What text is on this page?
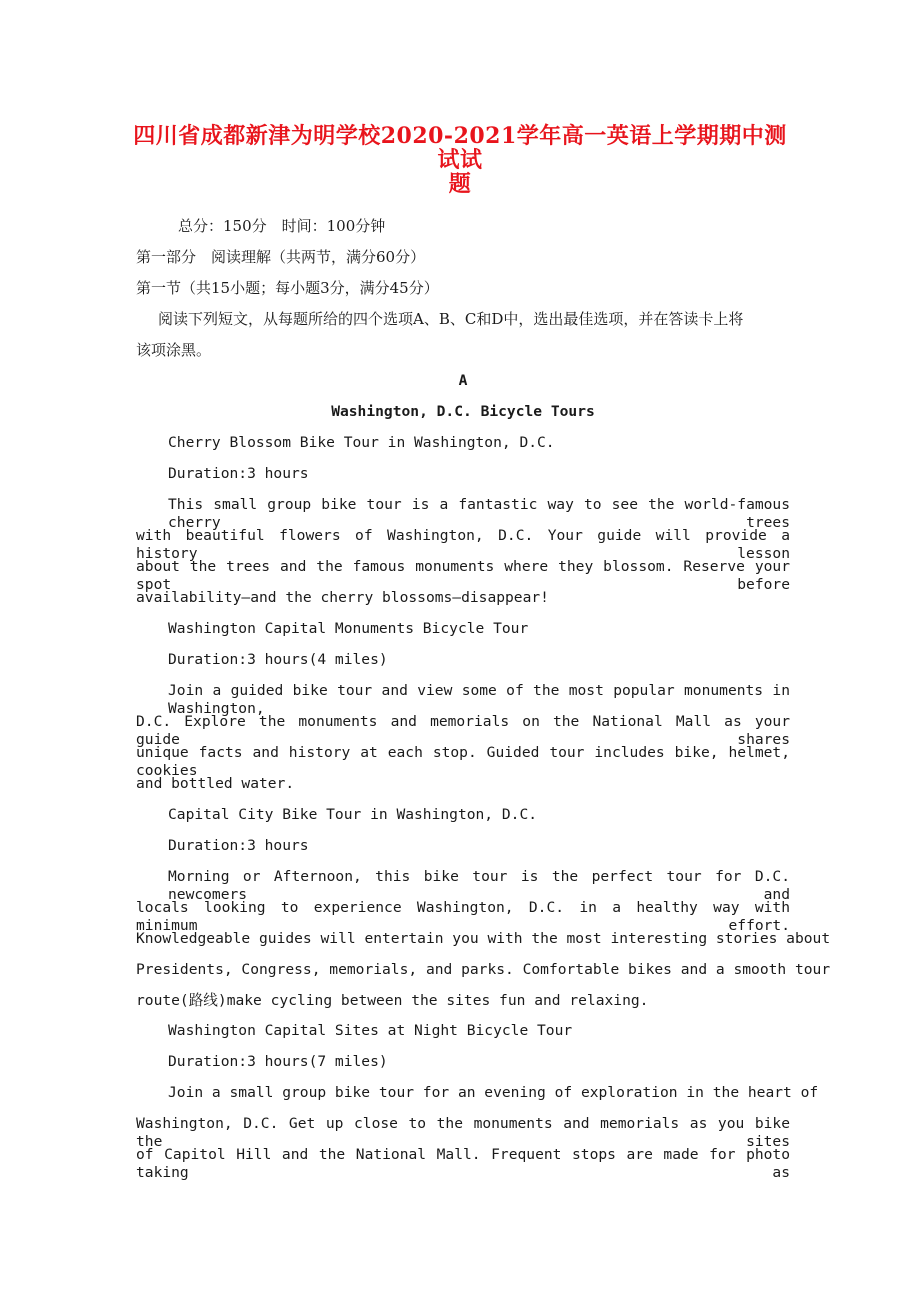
四川省成都新津为明学校2020-2021学年高一英语上学期期中测试试
题
总分：150分　时间：100分钟
第一部分　阅读理解（共两节，满分60分）
第一节（共15小题；每小题3分，满分45分）
阅读下列短文，从每题所给的四个选项A、B、C和D中，选出最佳选项，并在答读卡上将
该项涂黑。
A
Washington, D.C. Bicycle Tours
Cherry Blossom Bike Tour in Washington, D.C.
Duration:3 hours
This small group bike tour is a fantastic way to see the world-famous cherry trees
with beautiful flowers of Washington, D.C. Your guide will provide a history lesson
about the trees and the famous monuments where they blossom. Reserve your spot before
availability—and the cherry blossoms—disappear!
Washington Capital Monuments Bicycle Tour
Duration:3 hours(4 miles)
Join a guided bike tour and view some of the most popular monuments in Washington,
D.C. Explore the monuments and memorials on the National Mall as your guide shares
unique facts and history at each stop. Guided tour includes bike, helmet, cookies
and bottled water.
Capital City Bike Tour in Washington, D.C.
Duration:3 hours
Morning or Afternoon, this bike tour is the perfect tour for D.C. newcomers and
locals looking to experience Washington, D.C. in a healthy way with minimum effort.
Knowledgeable guides will entertain you with the most interesting stories about
Presidents, Congress, memorials, and parks. Comfortable bikes and a smooth tour
route(路线)make cycling between the sites fun and relaxing.
Washington Capital Sites at Night Bicycle Tour
Duration:3 hours(7 miles)
Join a small group bike tour for an evening of exploration in the heart of
Washington, D.C. Get up close to the monuments and memorials as you bike the sites
of Capitol Hill and the National Mall. Frequent stops are made for photo taking as
